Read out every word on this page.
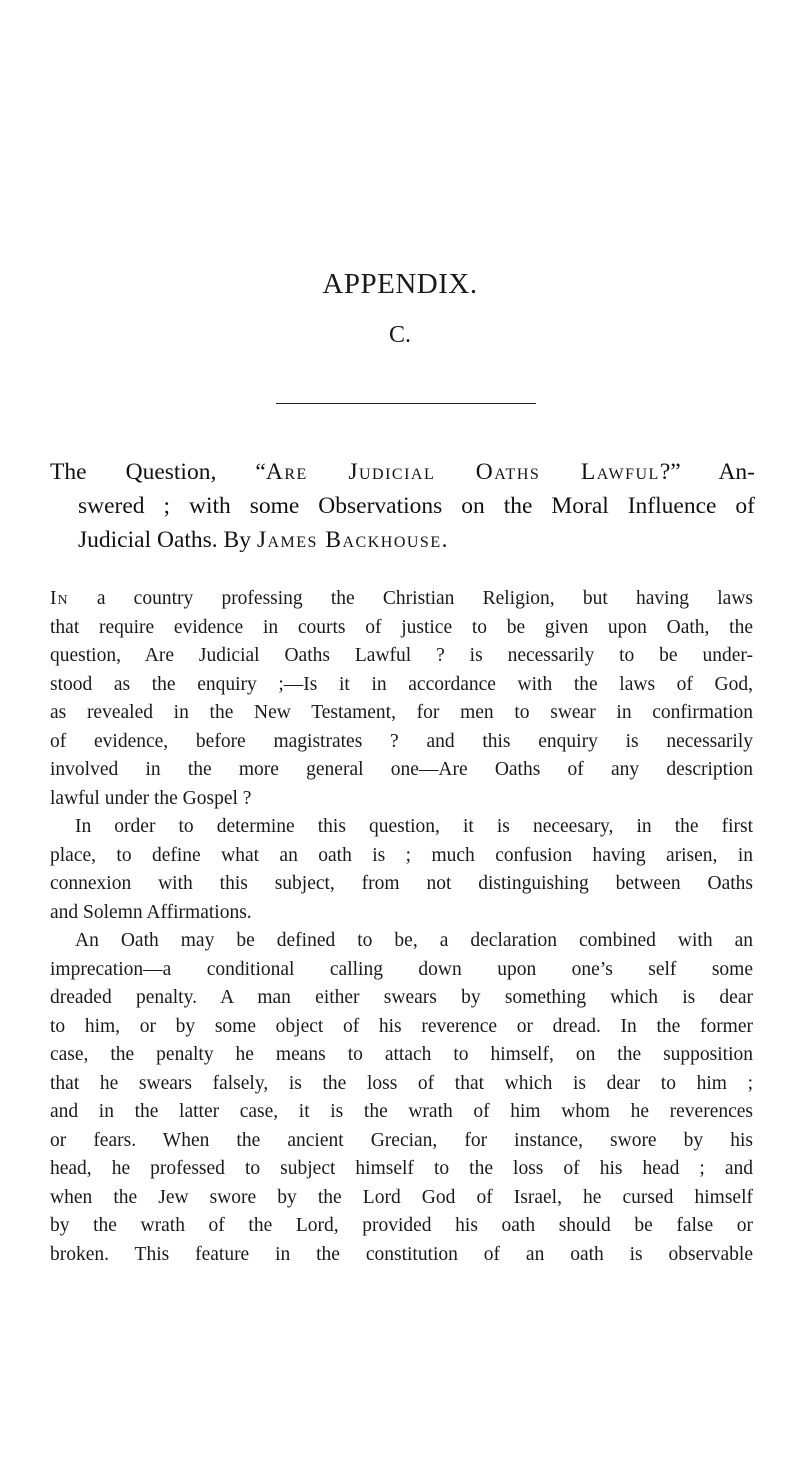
APPENDIX.
C.
The Question, “Are Judicial Oaths Lawful?” An-
swered ; with some Observations on the Moral Influence of
Judicial Oaths. By James Backhouse.
In a country professing the Christian Religion, but having laws
that require evidence in courts of justice to be given upon Oath, the
question, Are Judicial Oaths Lawful ? is necessarily to be under-
stood as the enquiry ;—Is it in accordance with the laws of God,
as revealed in the New Testament, for men to swear in confirmation
of evidence, before magistrates ? and this enquiry is necessarily
involved in the more general one—Are Oaths of any description
lawful under the Gospel ?
In order to determine this question, it is neceesary, in the first
place, to define what an oath is ; much confusion having arisen, in
connexion with this subject, from not distinguishing between Oaths
and Solemn Affirmations.
An Oath may be defined to be, a declaration combined with an
imprecation—a conditional calling down upon one’s self some
dreaded penalty. A man either swears by something which is dear
to him, or by some object of his reverence or dread. In the former
case, the penalty he means to attach to himself, on the supposition
that he swears falsely, is the loss of that which is dear to him ;
and in the latter case, it is the wrath of him whom he reverences
or fears. When the ancient Grecian, for instance, swore by his
head, he professed to subject himself to the loss of his head ; and
when the Jew swore by the Lord God of Israel, he cursed himself
by the wrath of the Lord, provided his oath should be false or
broken. This feature in the constitution of an oath is observable
